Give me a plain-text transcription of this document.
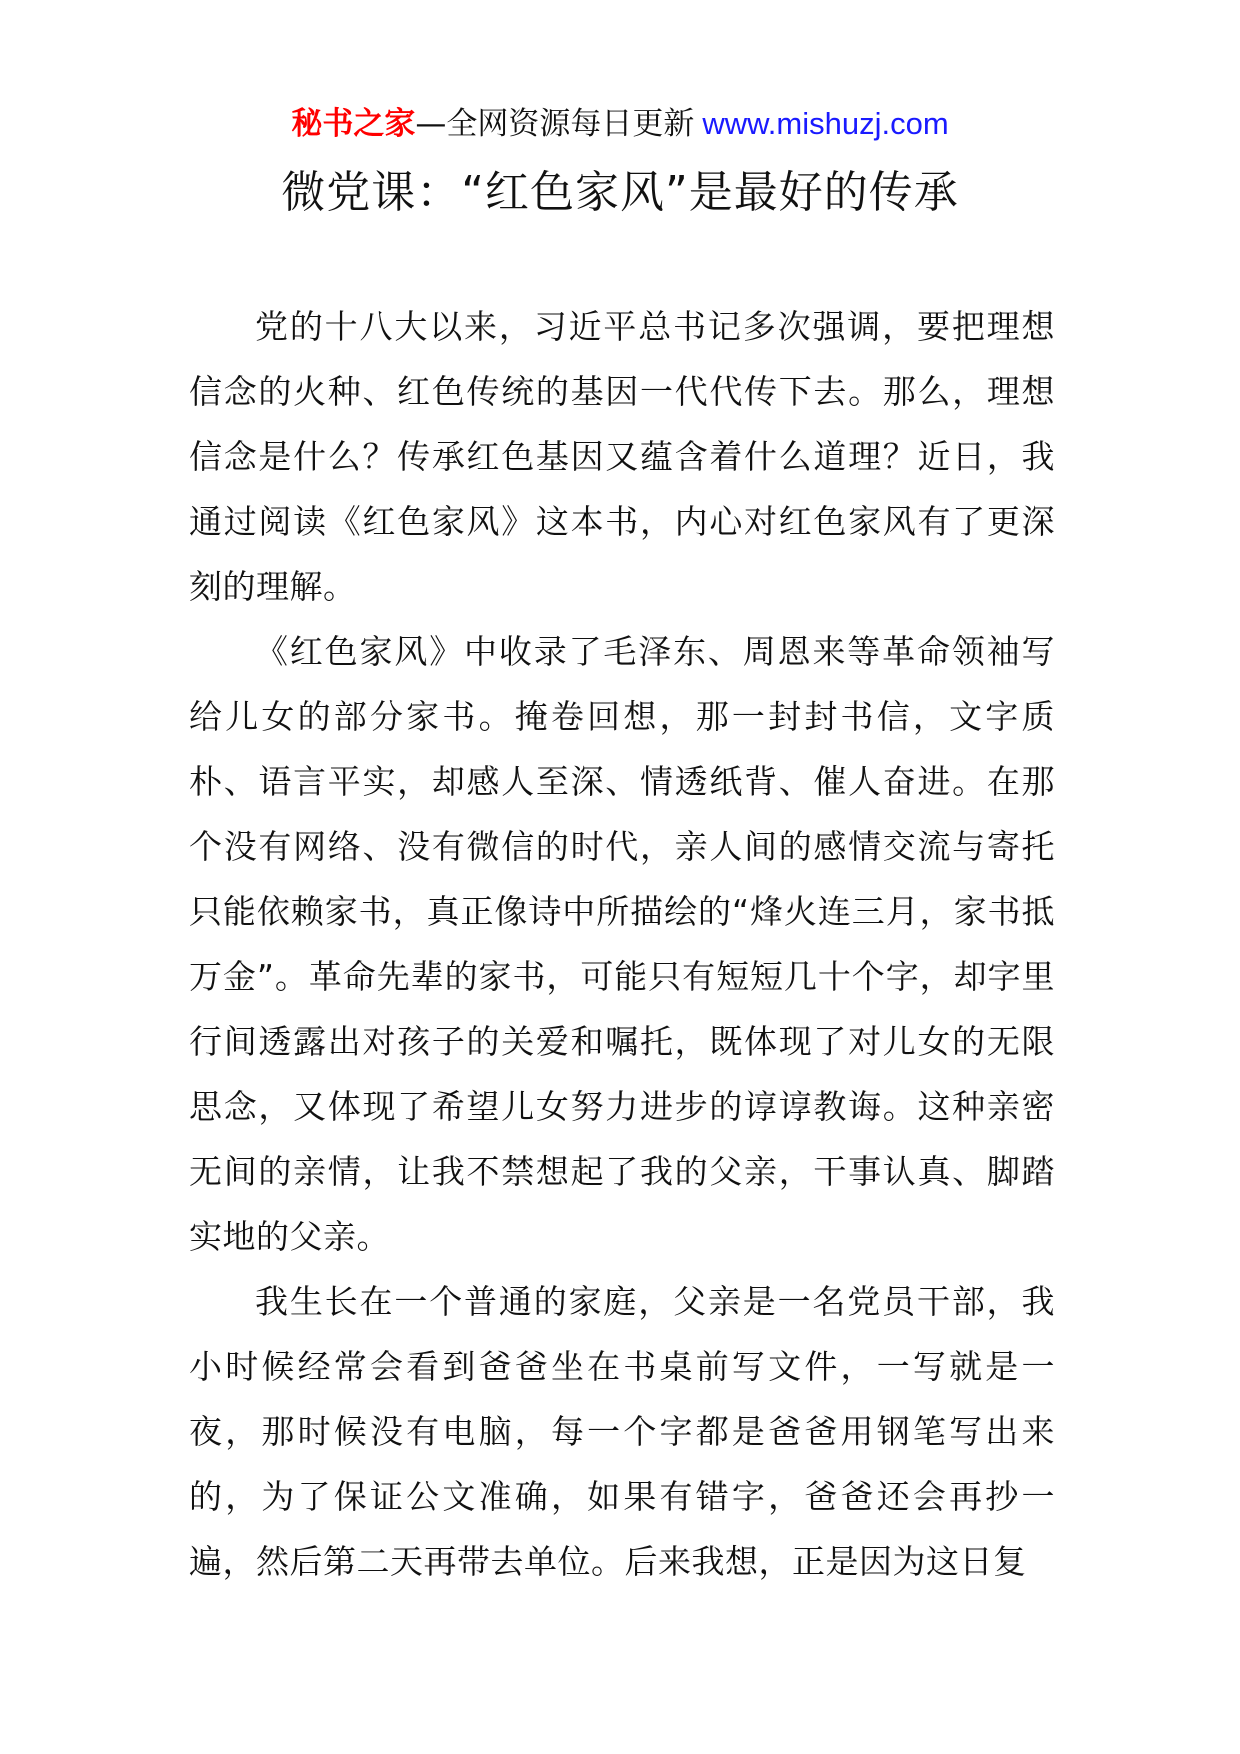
秘书之家—全网资源每日更新 www.mishuzj.com
微党课：“红色家风”是最好的传承

党的十八大以来，习近平总书记多次强调，要把理想信念的火种、红色传统的基因一代代传下去。那么，理想信念是什么？传承红色基因又蕴含着什么道理？近日，我通过阅读《红色家风》这本书，内心对红色家风有了更深刻的理解。

《红色家风》中收录了毛泽东、周恩来等革命领袖写给儿女的部分家书。掩卷回想，那一封封书信，文字质朴、语言平实，却感人至深、情透纸背、催人奋进。在那个没有网络、没有微信的时代，亲人间的感情交流与寄托只能依赖家书，真正像诗中所描绘的“烽火连三月，家书抵万金”。革命先辈的家书，可能只有短短几十个字，却字里行间透露出对孩子的关爱和嘱托，既体现了对儿女的无限思念，又体现了希望儿女努力进步的谆谆教诲。这种亲密无间的亲情，让我不禁想起了我的父亲，干事认真、脚踏实地的父亲。

我生长在一个普通的家庭，父亲是一名党员干部，我小时候经常会看到爸爸坐在书桌前写文件，一写就是一夜，那时候没有电脑，每一个字都是爸爸用钢笔写出来的，为了保证公文准确，如果有错字，爸爸还会再抄一遍，然后第二天再带去单位。后来我想，正是因为这日复
